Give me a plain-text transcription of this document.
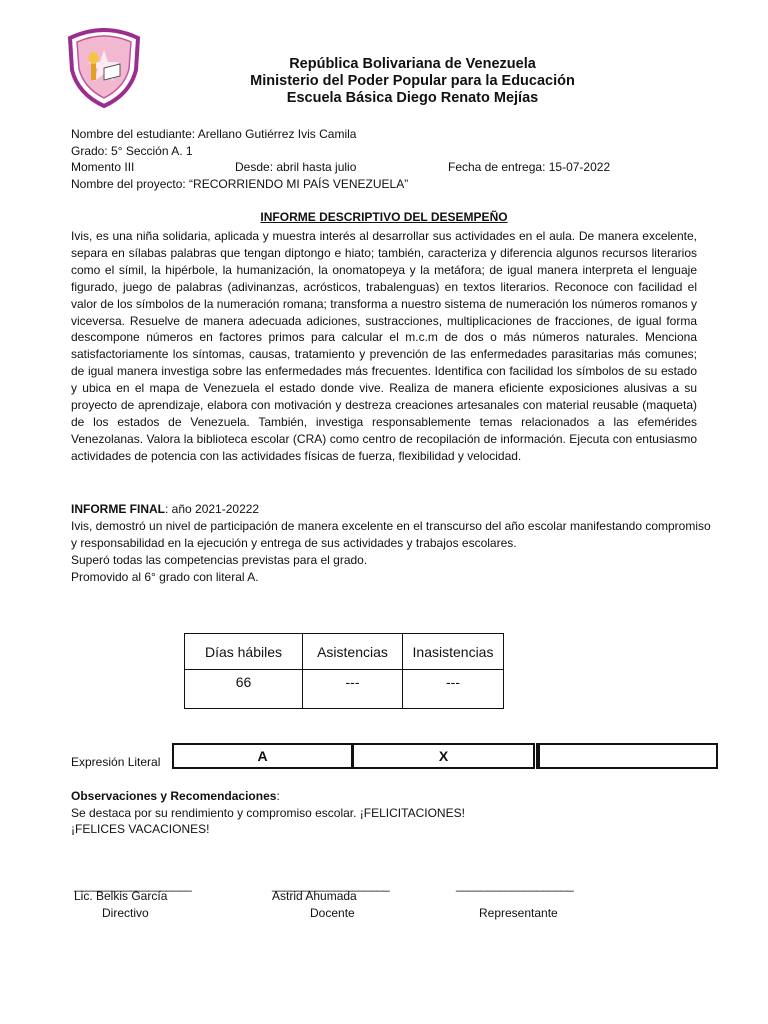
República Bolivariana de Venezuela
Ministerio del Poder Popular para la Educación
Escuela Básica Diego Renato Mejías
Nombre del estudiante: Arellano Gutiérrez Ivis Camila
Grado: 5° Sección A. 1
Momento III	Desde: abril hasta julio	Fecha de entrega: 15-07-2022
Nombre del proyecto: “RECORRIENDO MI PAÍS VENEZUELA”
INFORME DESCRIPTIVO DEL DESEMPEÑO
Ivis, es una niña solidaria, aplicada y muestra interés al desarrollar sus actividades en el aula. De manera excelente, separa en sílabas palabras que tengan diptongo e hiato; también, caracteriza y diferencia algunos recursos literarios como el símil, la hipérbole, la humanización, la onomatopeya y la metáfora; de igual manera interpreta el lenguaje figurado, juego de palabras (adivinanzas, acrósticos, trabalenguas) en textos literarios. Reconoce con facilidad el valor de los símbolos de la numeración romana; transforma a nuestro sistema de numeración los números romanos y viceversa. Resuelve de manera adecuada adiciones, sustracciones, multiplicaciones de fracciones, de igual forma descompone números en factores primos para calcular el m.c.m de dos o más números naturales. Menciona satisfactoriamente los síntomas, causas, tratamiento y prevención de las enfermedades parasitarias más comunes; de igual manera investiga sobre las enfermedades más frecuentes. Identifica con facilidad los símbolos de su estado y ubica en el mapa de Venezuela el estado donde vive. Realiza de manera eficiente exposiciones alusivas a su proyecto de aprendizaje, elabora con motivación y destreza creaciones artesanales con material reusable (maqueta) de los estados de Venezuela. También, investiga responsablemente temas relacionados a las efemérides Venezolanas. Valora la biblioteca escolar (CRA) como centro de recopilación de información. Ejecuta con entusiasmo actividades de potencia con las actividades físicas de fuerza, flexibilidad y velocidad.

INFORME FINAL: año 2021-20222

Ivis, demostró un nivel de participación de manera excelente en el transcurso del año escolar manifestando compromiso y responsabilidad en la ejecución y entrega de sus actividades y trabajos escolares.

Superó todas las competencias previstas para el grado.

Promovido al 6° grado con literal A.

Días hábiles	Asistencias	Inasistencias
66	---	---
Expresión Literal	A	X

Observaciones y Recomendaciones:

Se destaca por su rendimiento y compromiso escolar. ¡FELICITACIONES!

¡FELICES VACACIONES!

___________________	___________________	___________________
Lic. Belkis García
Directivo
Astrid Ahumada
Docente	Representante
